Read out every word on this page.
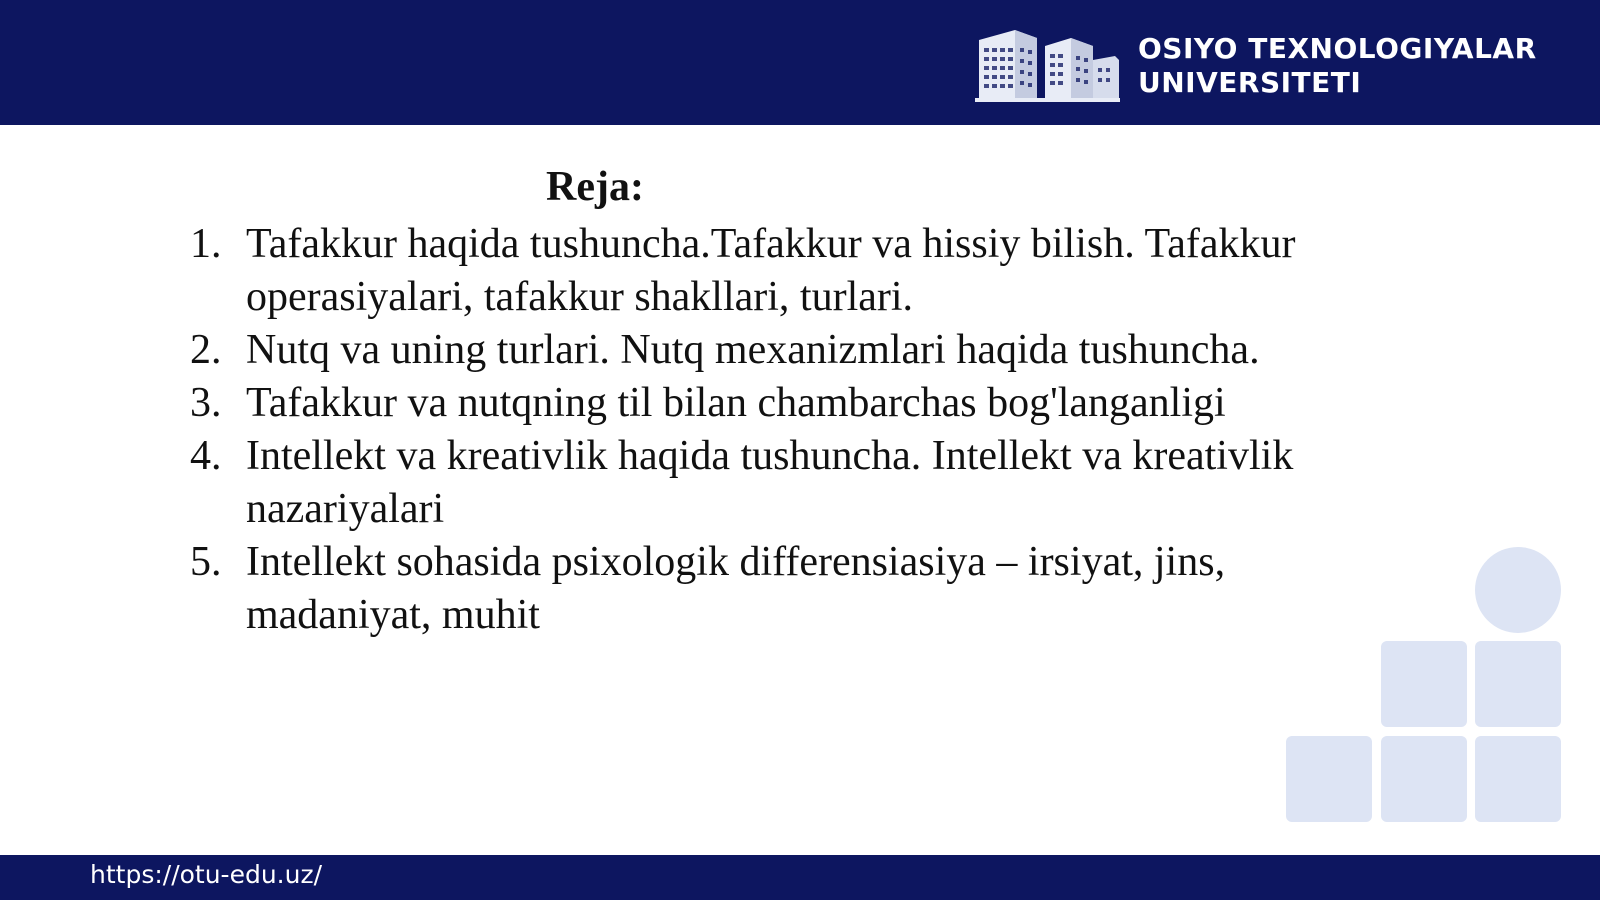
OSIYO TEXNOLOGIYALAR
UNIVERSITETI
Reja:
1. Tafakkur haqida tushuncha.Tafakkur va hissiy bilish. Tafakkur operasiyalari, tafakkur shakllari, turlari.
2. Nutq va uning turlari. Nutq mexanizmlari haqida tushuncha.
3. Tafakkur va nutqning til bilan chambarchas bog'langanligi
4. Intellekt va kreativlik haqida tushuncha. Intellekt va kreativlik nazariyalari
5. Intellekt sohasida psixologik differensiasiya – irsiyat, jins, madaniyat, muhit
https://otu-edu.uz/
